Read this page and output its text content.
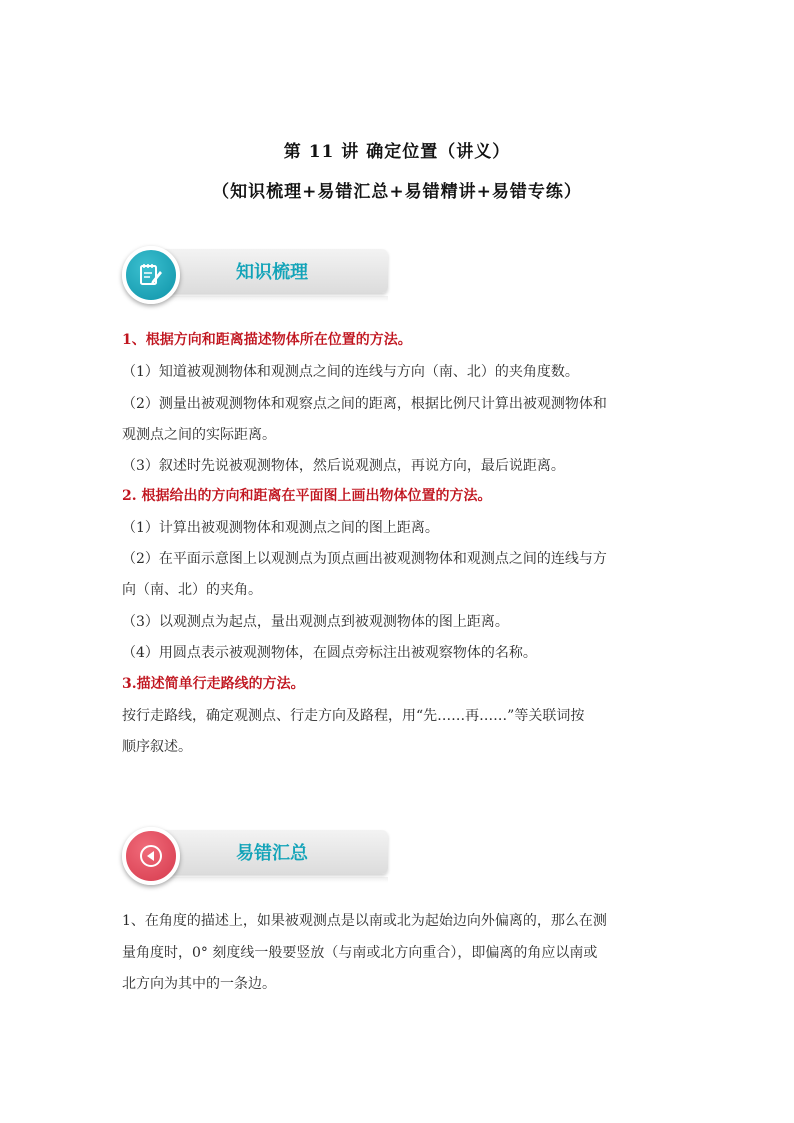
第 11 讲 确定位置（讲义）
（知识梳理+易错汇总+易错精讲+易错专练）
知识梳理
1、根据方向和距离描述物体所在位置的方法。
（1）知道被观测物体和观测点之间的连线与方向（南、北）的夹角度数。
（2）测量出被观测物体和观察点之间的距离，根据比例尺计算出被观测物体和
观测点之间的实际距离。
（3）叙述时先说被观测物体，然后说观测点，再说方向，最后说距离。
2. 根据给出的方向和距离在平面图上画出物体位置的方法。
（1）计算出被观测物体和观测点之间的图上距离。
（2）在平面示意图上以观测点为顶点画出被观测物体和观测点之间的连线与方
向（南、北）的夹角。
（3）以观测点为起点，量出观测点到被观测物体的图上距离。
（4）用圆点表示被观测物体，在圆点旁标注出被观察物体的名称。
3.描述简单行走路线的方法。
按行走路线，确定观测点、行走方向及路程，用“先……再……”等关联词按
顺序叙述。
易错汇总
1、在角度的描述上，如果被观测点是以南或北为起始边向外偏离的，那么在测
量角度时，0° 刻度线一般要竖放（与南或北方向重合），即偏离的角应以南或
北方向为其中的一条边。
